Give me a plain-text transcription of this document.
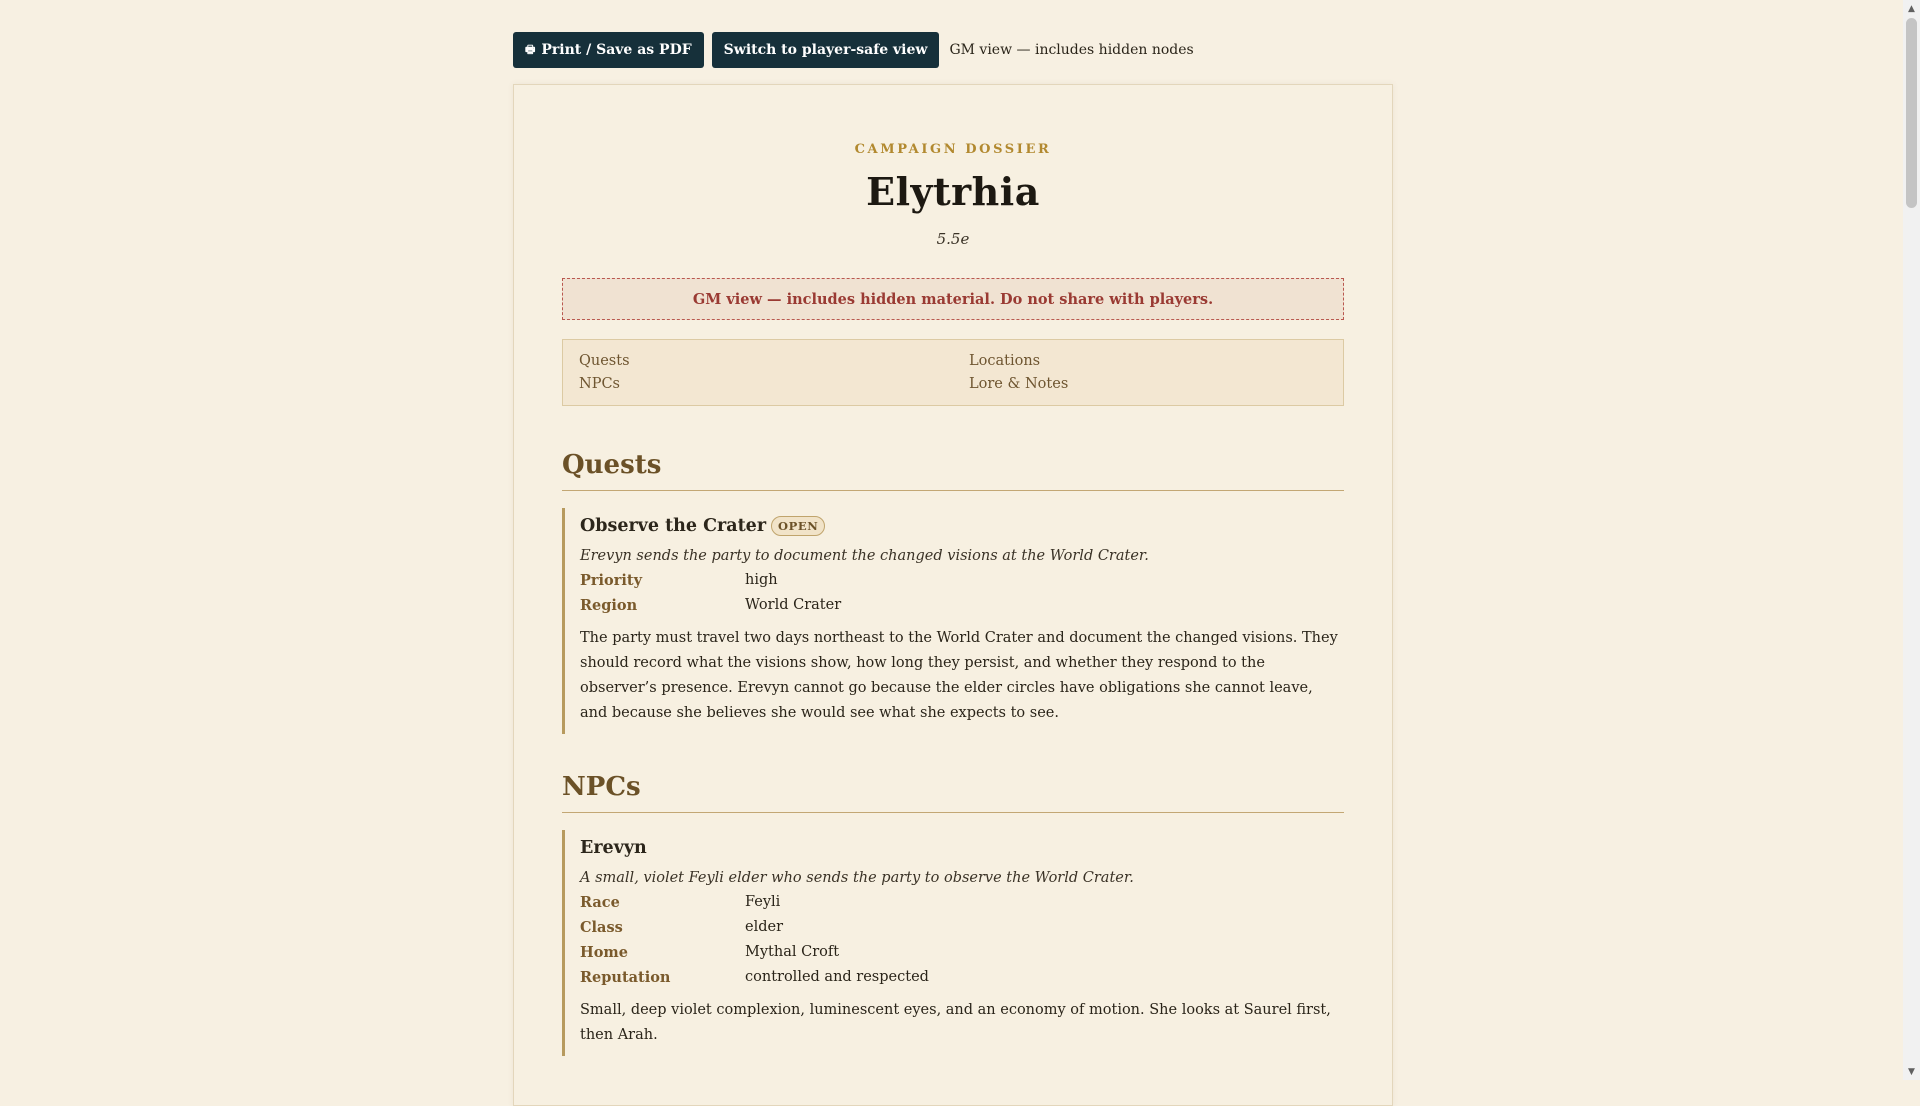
🖶 Print / Save as PDF Switch to player-safe view GM view — includes hidden nodes
CAMPAIGN DOSSIER
Elytrhia
5.5e
GM view — includes hidden material. Do not share with players.
Quests	Locations
NPCs	Lore & Notes
Quests
Observe the Crater	OPEN
Erevyn sends the party to document the changed visions at the World Crater.
Priority	high
Region	World Crater
The party must travel two days northeast to the World Crater and document the changed visions. They should record what the visions show, how long they persist, and whether they respond to the observer’s presence. Erevyn cannot go because the elder circles have obligations she cannot leave, and because she believes she would see what she expects to see.
NPCs
Erevyn
A small, violet Feyli elder who sends the party to observe the World Crater.
Race	Feyli
Class	elder
Home	Mythal Croft
Reputation	controlled and respected
Small, deep violet complexion, luminescent eyes, and an economy of motion. She looks at Saurel first, then Arah.
▲
▼
